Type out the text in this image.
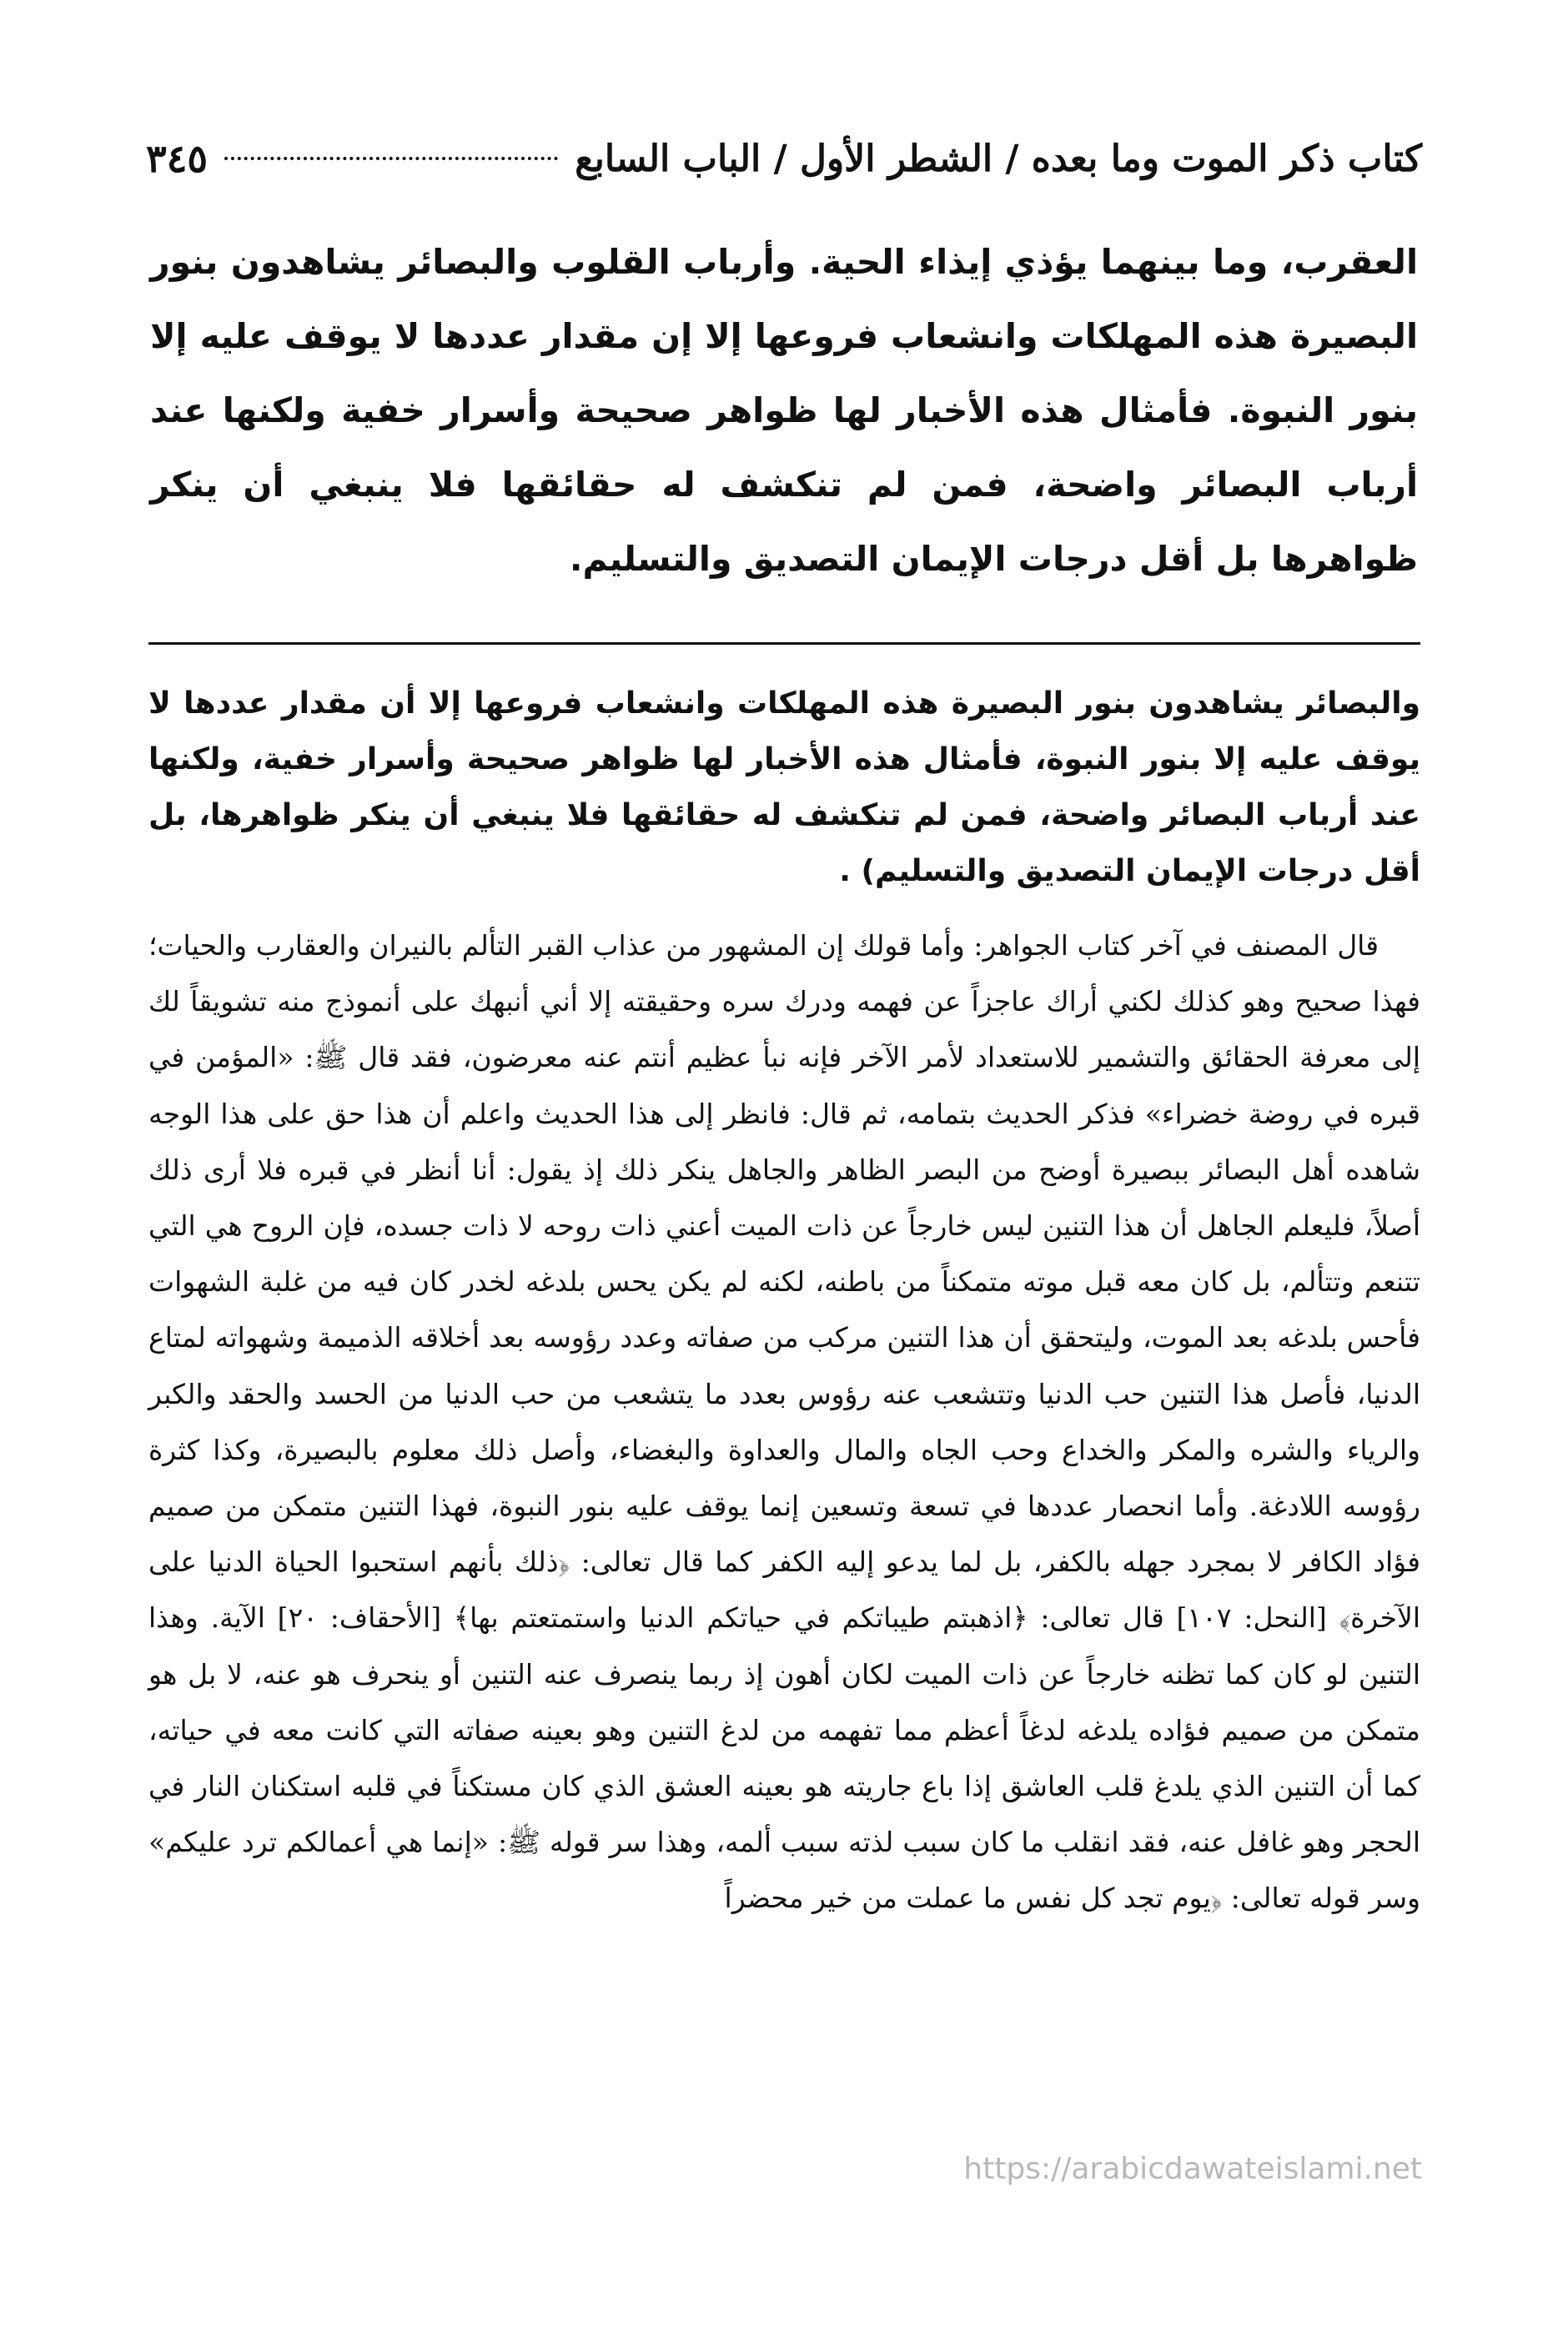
كتاب ذكر الموت وما بعده / الشطر الأول / الباب السابع
٣٤٥

العقرب، وما بينهما يؤذي إيذاء الحية. وأرباب القلوب والبصائر يشاهدون بنور البصيرة هذه المهلكات وانشعاب فروعها إلا إن مقدار عددها لا يوقف عليه إلا بنور النبوة. فأمثال هذه الأخبار لها ظواهر صحيحة وأسرار خفية ولكنها عند أرباب البصائر واضحة، فمن لم تنكشف له حقائقها فلا ينبغي أن ينكر ظواهرها بل أقل درجات الإيمان التصديق والتسليم.

والبصائر يشاهدون بنور البصيرة هذه المهلكات وانشعاب فروعها إلا أن مقدار عددها لا يوقف عليه إلا بنور النبوة، فأمثال هذه الأخبار لها ظواهر صحيحة وأسرار خفية، ولكنها عند أرباب البصائر واضحة، فمن لم تنكشف له حقائقها فلا ينبغي أن ينكر ظواهرها، بل أقل درجات الإيمان التصديق والتسليم) .

قال المصنف في آخر كتاب الجواهر: وأما قولك إن المشهور من عذاب القبر التألم بالنيران والعقارب والحيات؛ فهذا صحيح وهو كذلك لكني أراك عاجزاً عن فهمه ودرك سره وحقيقته إلا أني أنبهك على أنموذج منه تشويقاً لك إلى معرفة الحقائق والتشمير للاستعداد لأمر الآخر فإنه نبأ عظيم أنتم عنه معرضون، فقد قال ﷺ: «المؤمن في قبره في روضة خضراء» فذكر الحديث بتمامه، ثم قال: فانظر إلى هذا الحديث واعلم أن هذا حق على هذا الوجه شاهده أهل البصائر ببصيرة أوضح من البصر الظاهر والجاهل ينكر ذلك إذ يقول: أنا أنظر في قبره فلا أرى ذلك أصلاً، فليعلم الجاهل أن هذا التنين ليس خارجاً عن ذات الميت أعني ذات روحه لا ذات جسده، فإن الروح هي التي تتنعم وتتألم، بل كان معه قبل موته متمكناً من باطنه، لكنه لم يكن يحس بلدغه لخدر كان فيه من غلبة الشهوات فأحس بلدغه بعد الموت، وليتحقق أن هذا التنين مركب من صفاته وعدد رؤوسه بعد أخلاقه الذميمة وشهواته لمتاع الدنيا، فأصل هذا التنين حب الدنيا وتتشعب عنه رؤوس بعدد ما يتشعب من حب الدنيا من الحسد والحقد والكبر والرياء والشره والمكر والخداع وحب الجاه والمال والعداوة والبغضاء، وأصل ذلك معلوم بالبصيرة، وكذا كثرة رؤوسه اللادغة. وأما انحصار عددها في تسعة وتسعين إنما يوقف عليه بنور النبوة، فهذا التنين متمكن من صميم فؤاد الكافر لا بمجرد جهله بالكفر، بل لما يدعو إليه الكفر كما قال تعالى: ﴿ذلك بأنهم استحبوا الحياة الدنيا على الآخرة﴾ [النحل: ١٠٧] قال تعالى: ﴿اذهبتم طيباتكم في حياتكم الدنيا واستمتعتم بها﴾ [الأحقاف: ٢٠] الآية. وهذا التنين لو كان كما تظنه خارجاً عن ذات الميت لكان أهون إذ ربما ينصرف عنه التنين أو ينحرف هو عنه، لا بل هو متمكن من صميم فؤاده يلدغه لدغاً أعظم مما تفهمه من لدغ التنين وهو بعينه صفاته التي كانت معه في حياته، كما أن التنين الذي يلدغ قلب العاشق إذا باع جاريته هو بعينه العشق الذي كان مستكناً في قلبه استكنان النار في الحجر وهو غافل عنه، فقد انقلب ما كان سبب لذته سبب ألمه، وهذا سر قوله ﷺ: «إنما هي أعمالكم ترد عليكم» وسر قوله تعالى: ﴿يوم تجد كل نفس ما عملت من خير محضراً

https://arabicdawateislami.net
